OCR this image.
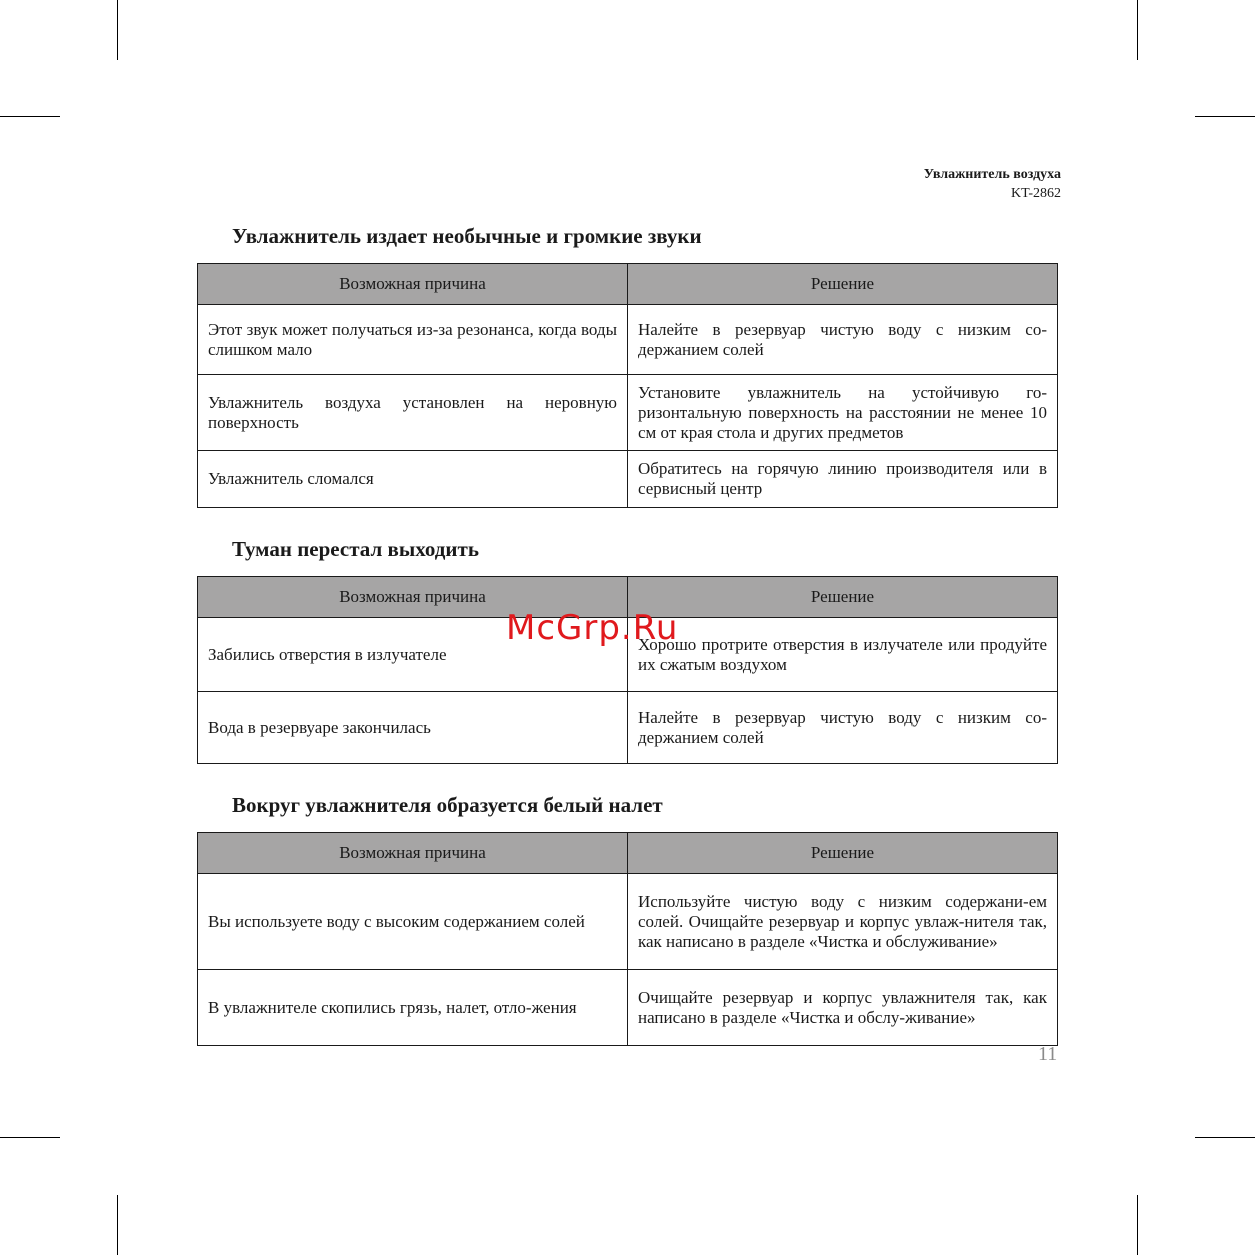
Увлажнитель воздуха
KT-2862
Увлажнитель издает необычные и громкие звуки
Возможная причина	Решение
Этот звук может получаться из-за резонанса, когда воды слишком мало	Налейте в резервуар чистую воду с низким со-держанием солей
Увлажнитель воздуха установлен на неровную поверхность	Установите увлажнитель на устойчивую го-ризонтальную поверхность на расстоянии не менее 10 см от края стола и других предметов
Увлажнитель сломался	Обратитесь на горячую линию производителя или в сервисный центр
Туман перестал выходить
Возможная причина	Решение
Забились отверстия в излучателе	Хорошо протрите отверстия в излучателе или продуйте их сжатым воздухом
Вода в резервуаре закончилась	Налейте в резервуар чистую воду с низким со-держанием солей
Вокруг увлажнителя образуется белый налет
Возможная причина	Решение
Вы используете воду с высоким содержанием солей	Используйте чистую воду с низким содержани-ем солей. Очищайте резервуар и корпус увлаж-нителя так, как написано в разделе «Чистка и обслуживание»
В увлажнителе скопились грязь, налет, отло-жения	Очищайте резервуар и корпус увлажнителя так, как написано в разделе «Чистка и обслу-живание»
McGrp.Ru
11
